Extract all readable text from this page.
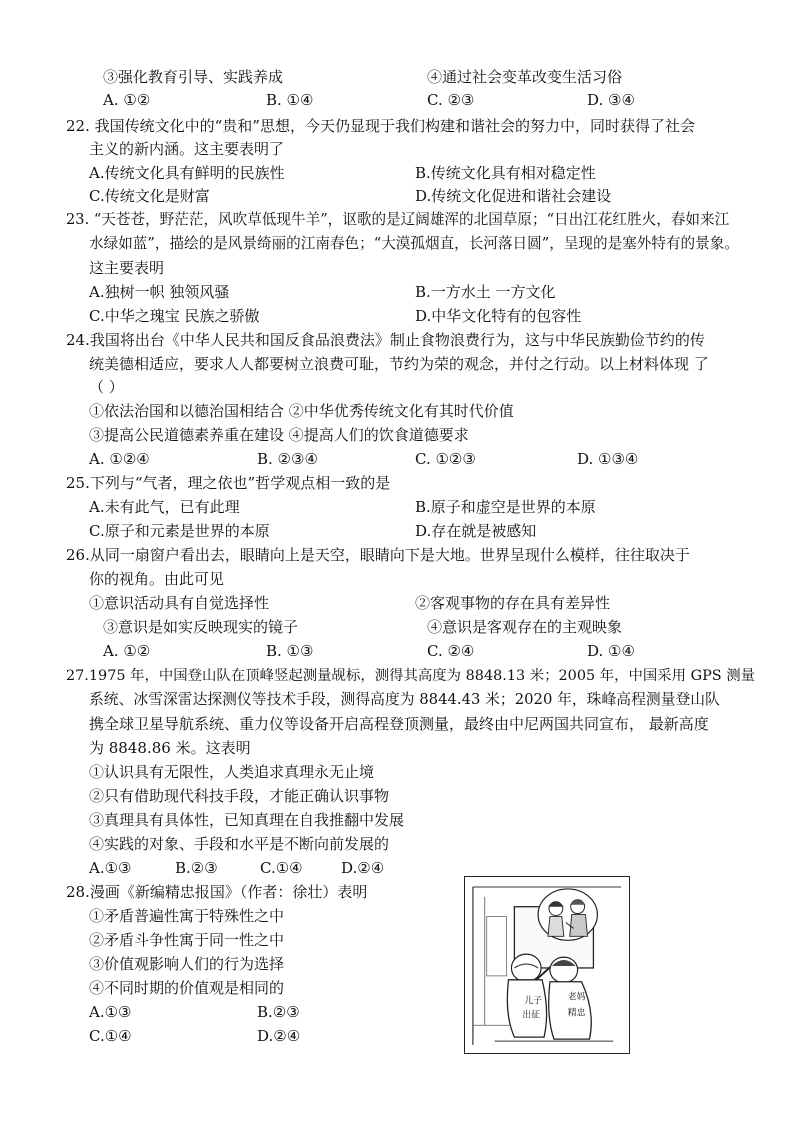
③强化教育引导、实践养成	④通过社会变革改变生活习俗
A. ①②	B. ①④	C. ②③	D. ③④
22. 我国传统文化中的“贵和”思想，今天仍显现于我们构建和谐社会的努力中，同时获得了社会
主义的新内涵。这主要表明了
A.传统文化具有鲜明的民族性	B.传统文化具有相对稳定性
C.传统文化是财富	D.传统文化促进和谐社会建设
23. “天苍苍，野茫茫，风吹草低现牛羊”，讴歌的是辽阔雄浑的北国草原；“日出江花红胜火，春如来江
水绿如蓝”，描绘的是风景绮丽的江南春色；“大漠孤烟直，长河落日圆”，呈现的是塞外特有的景象。
这主要表明
A.独树一帜 独领风骚	B.一方水土 一方文化
C.中华之瑰宝 民族之骄傲	D.中华文化特有的包容性
24.我国将出台《中华人民共和国反食品浪费法》制止食物浪费行为，这与中华民族勤俭节约的传
统美德相适应，要求人人都要树立浪费可耻，节约为荣的观念，并付之行动。以上材料体现 了
（ ）
①依法治国和以德治国相结合 ②中华优秀传统文化有其时代价值
③提高公民道德素养重在建设 ④提高人们的饮食道德要求
A. ①②④	B. ②③④	C. ①②③	D. ①③④
25.下列与“气者，理之依也”哲学观点相一致的是
A.未有此气，已有此理	B.原子和虚空是世界的本原
C.原子和元素是世界的本原	D.存在就是被感知
26.从同一扇窗户看出去，眼睛向上是天空，眼睛向下是大地。世界呈现什么模样，往往取决于
你的视角。由此可见
①意识活动具有自觉选择性	②客观事物的存在具有差异性
③意识是如实反映现实的镜子	④意识是客观存在的主观映象
A. ①②	B. ①③	C. ②④	D. ①④
27.1975 年，中国登山队在顶峰竖起测量觇标，测得其高度为 8848.13 米；2005 年，中国采用 GPS 测量
系统、冰雪深雷达探测仪等技术手段，测得高度为 8844.43 米；2020 年，珠峰高程测量登山队
携全球卫星导航系统、重力仪等设备开启高程登顶测量，最终由中尼两国共同宣布， 最新高度
为 8848.86 米。这表明
①认识具有无限性，人类追求真理永无止境
②只有借助现代科技手段，才能正确认识事物
③真理具有具体性，已知真理在自我推翻中发展
④实践的对象、手段和水平是不断向前发展的
A.①③	B.②③	C.①④	D.②④
28.漫画《新编精忠报国》（作者：徐壮）表明
①矛盾普遍性寓于特殊性之中
②矛盾斗争性寓于同一性之中
③价值观影响人们的行为选择
④不同时期的价值观是相同的
A.①③	B.②③
C.①④	D.②④
儿子
出征
老妈
精忠
